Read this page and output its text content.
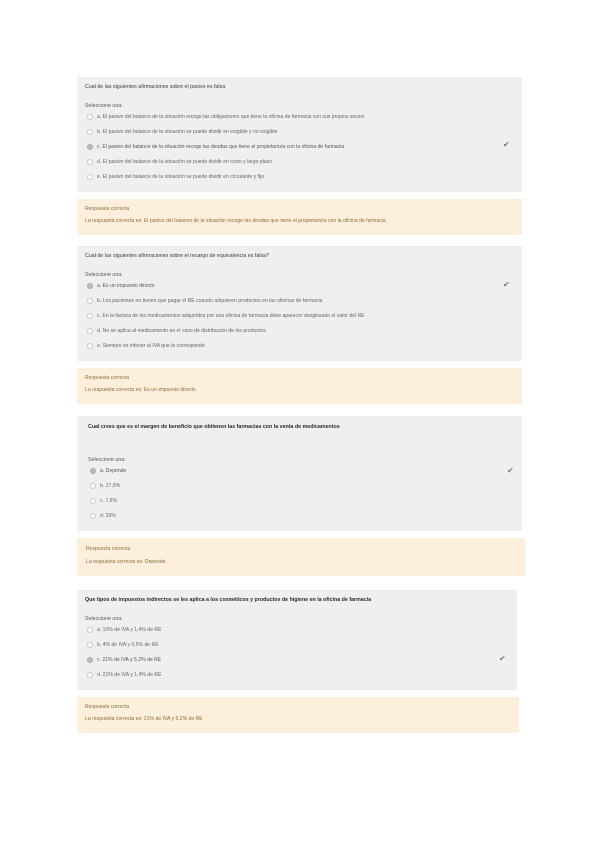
Cual de las siguientes afirmaciones sobre el pasivo es falsa
Seleccione una:
a. El pasivo del balance de la situación recoge las obligaciones que tiene la oficina de farmacia con sus propios socios
b. El pasivo del balance de la situación se puede dividir en exigible y no exigible
c. El pasivo del balance de la situación recoge las deudas que tiene el propietario/a con la oficina de farmacia
d. El pasivo del balance de la situación se puede dividir en corto y largo plazo
e. El pasivo del balance de la situación se puede dividir en circulante y fijo
✔
Respuesta correcta
La respuesta correcta es: El pasivo del balance de la situación recoge las deudas que tiene el propietario/a con la oficina de farmacia
Cual de las siguientes afirmaciones sobre el recargo de equivalencia es falsa?
Seleccione una:
a. Es un impuesto directo
b. Los pacientes no tienen que pagar el RE cuando adquieren productos en las oficinas de farmacia
c. En la factura de los medicamentos adquiridos por una oficina de farmacia debe aparecer desglosado el valor del RE
d. No se aplica al medicamento en el caso de distribución de los productos
e. Siempre es inferior al IVA que le corresponde
✔
Respuesta correcta
La respuesta correcta es: Es un impuesto directo
Cual crees que es el margen de beneficio que obtienen las farmacias con la venta de medicamentos
Seleccione una:
a. Depende
b. 27,9%
c. 7,6%
d. 33%
✔
Respuesta correcta
La respuesta correcta es: Depende
Que tipos de impuestos indirectos se les aplica a los cosméticos y productos de higiene en la oficina de farmacia
Seleccione una:
a. 10% de IVA y 1,4% de RE
b. 4% de IVA y 0,5% de RE
c. 21% de IVA y 5,2% de RE
d. 21% de IVA y 1,4% de RE
✔
Respuesta correcta
La respuesta correcta es: 21% de IVA y 5,2% de RE
